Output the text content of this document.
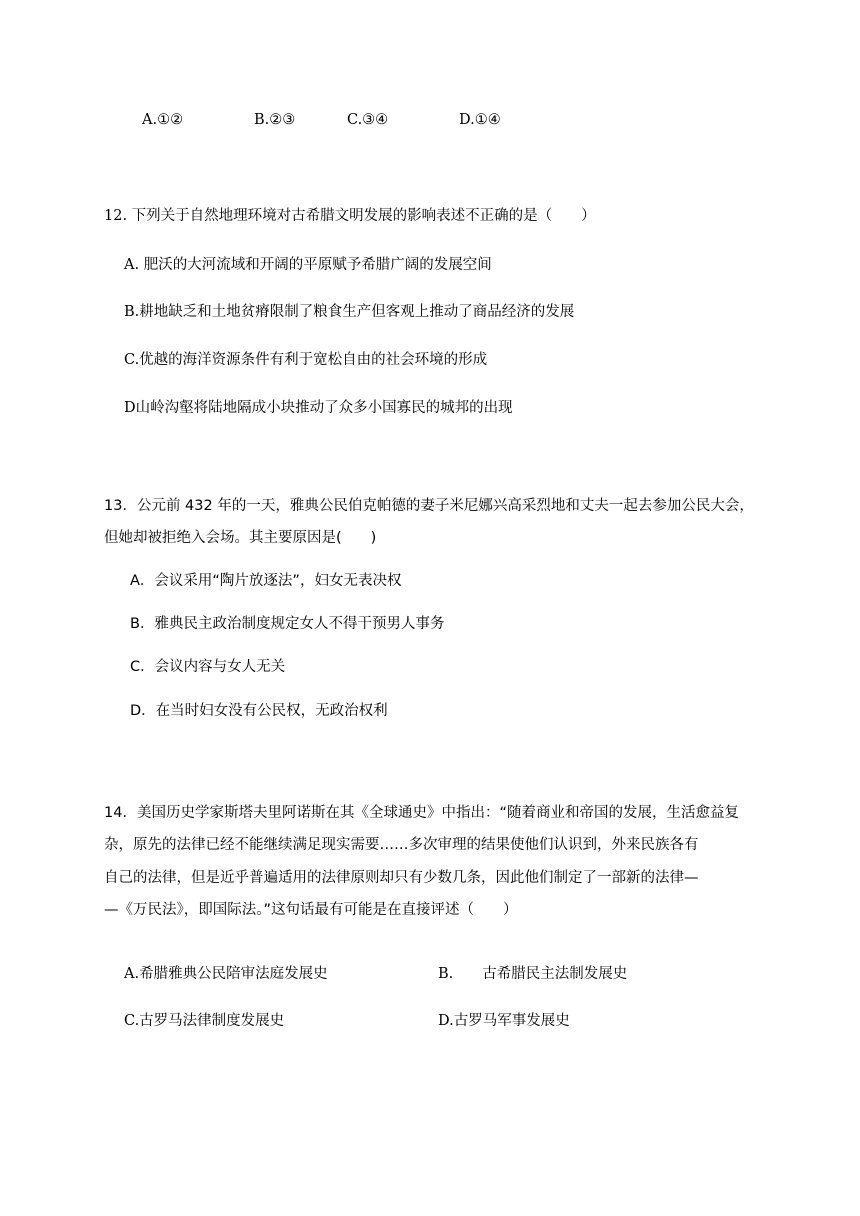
A.①②	B.②③	C.③④	D.①④
12. 下列关于自然地理环境对古希腊文明发展的影响表述不正确的是（　　）
A. 肥沃的大河流域和开阔的平原赋予希腊广阔的发展空间
B.耕地缺乏和土地贫瘠限制了粮食生产但客观上推动了商品经济的发展
C.优越的海洋资源条件有利于宽松自由的社会环境的形成
D山岭沟壑将陆地隔成小块推动了众多小国寡民的城邦的出现
13．公元前 432 年的一天，雅典公民伯克帕德的妻子米尼娜兴高采烈地和丈夫一起去参加公民大会，
但她却被拒绝入会场。其主要原因是(　　)
A．会议采用“陶片放逐法”，妇女无表决权
B．雅典民主政治制度规定女人不得干预男人事务
C．会议内容与女人无关
D．在当时妇女没有公民权，无政治权利
14．美国历史学家斯塔夫里阿诺斯在其《全球通史》中指出：“随着商业和帝国的发展，生活愈益复
杂，原先的法律已经不能继续满足现实需要……多次审理的结果使他们认识到，外来民族各有
自己的法律，但是近乎普遍适用的法律原则却只有少数几条，因此他们制定了一部新的法律—
—《万民法》，即国际法。”这句话最有可能是在直接评述（　　）
A.希腊雅典公民陪审法庭发展史	B.　　古希腊民主法制发展史
C.古罗马法律制度发展史	D.古罗马军事发展史
